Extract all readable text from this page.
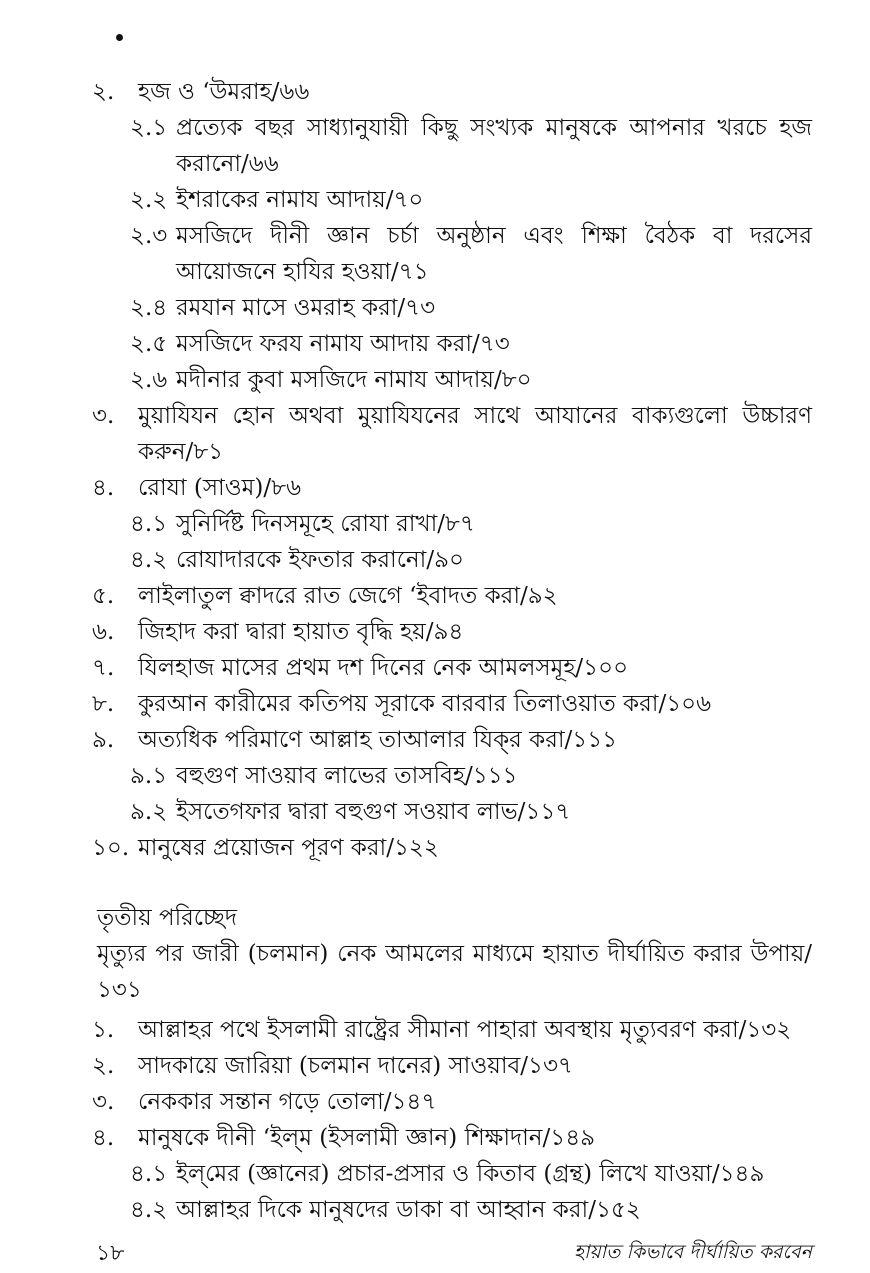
২. হজ ও ‘উমরাহ/৬৬
২.১ প্রত্যেক বছর সাধ্যানুযায়ী কিছু সংখ্যক মানুষকে আপনার খরচে হজ করানো/৬৬
২.২ ইশরাকের নামায আদায়/৭০
২.৩ মসজিদে দীনী জ্ঞান চর্চা অনুষ্ঠান এবং শিক্ষা বৈঠক বা দরসের আয়োজনে হাযির হওয়া/৭১
২.৪ রমযান মাসে ওমরাহ করা/৭৩
২.৫ মসজিদে ফরয নামায আদায় করা/৭৩
২.৬ মদীনার কুবা মসজিদে নামায আদায়/৮০
৩. মুয়াযিযন হোন অথবা মুয়াযিযনের সাথে আযানের বাক্যগুলো উচ্চারণ করুন/৮১
৪. রোযা (সাওম)/৮৬
৪.১ সুনির্দিষ্ট দিনসমূহে রোযা রাখা/৮৭
৪.২ রোযাদারকে ইফতার করানো/৯০
৫. লাইলাতুল ক্বাদরে রাত জেগে ‘ইবাদত করা/৯২
৬. জিহাদ করা দ্বারা হায়াত বৃদ্ধি হয়/৯৪
৭. যিলহাজ মাসের প্রথম দশ দিনের নেক আমলসমূহ/১০০
৮. কুরআন কারীমের কতিপয় সূরাকে বারবার তিলাওয়াত করা/১০৬
৯. অত্যধিক পরিমাণে আল্লাহ তাআলার যিক্‌র করা/১১১
৯.১ বহুগুণ সাওয়াব লাভের তাসবিহ/১১১
৯.২ ইসতেগফার দ্বারা বহুগুণ সওয়াব লাভ/১১৭
১০. মানুষের প্রয়োজন পূরণ করা/১২২
তৃতীয় পরিচ্ছেদ
মৃত্যুর পর জারী (চলমান) নেক আমলের মাধ্যমে হায়াত দীর্ঘায়িত করার উপায়/১৩১
১. আল্লাহর পথে ইসলামী রাষ্ট্রের সীমানা পাহারা অবস্থায় মৃত্যুবরণ করা/১৩২
২. সাদকায়ে জারিয়া (চলমান দানের) সাওয়াব/১৩৭
৩. নেককার সন্তান গড়ে তোলা/১৪৭
৪. মানুষকে দীনী ‘ইল্‌ম (ইসলামী জ্ঞান) শিক্ষাদান/১৪৯
৪.১ ইল্‌মের (জ্ঞানের) প্রচার-প্রসার ও কিতাব (গ্রন্থ) লিখে যাওয়া/১৪৯
৪.২ আল্লাহর দিকে মানুষদের ডাকা বা আহ্বান করা/১৫২
১৮	হায়াত কিভাবে দীর্ঘায়িত করবেন
